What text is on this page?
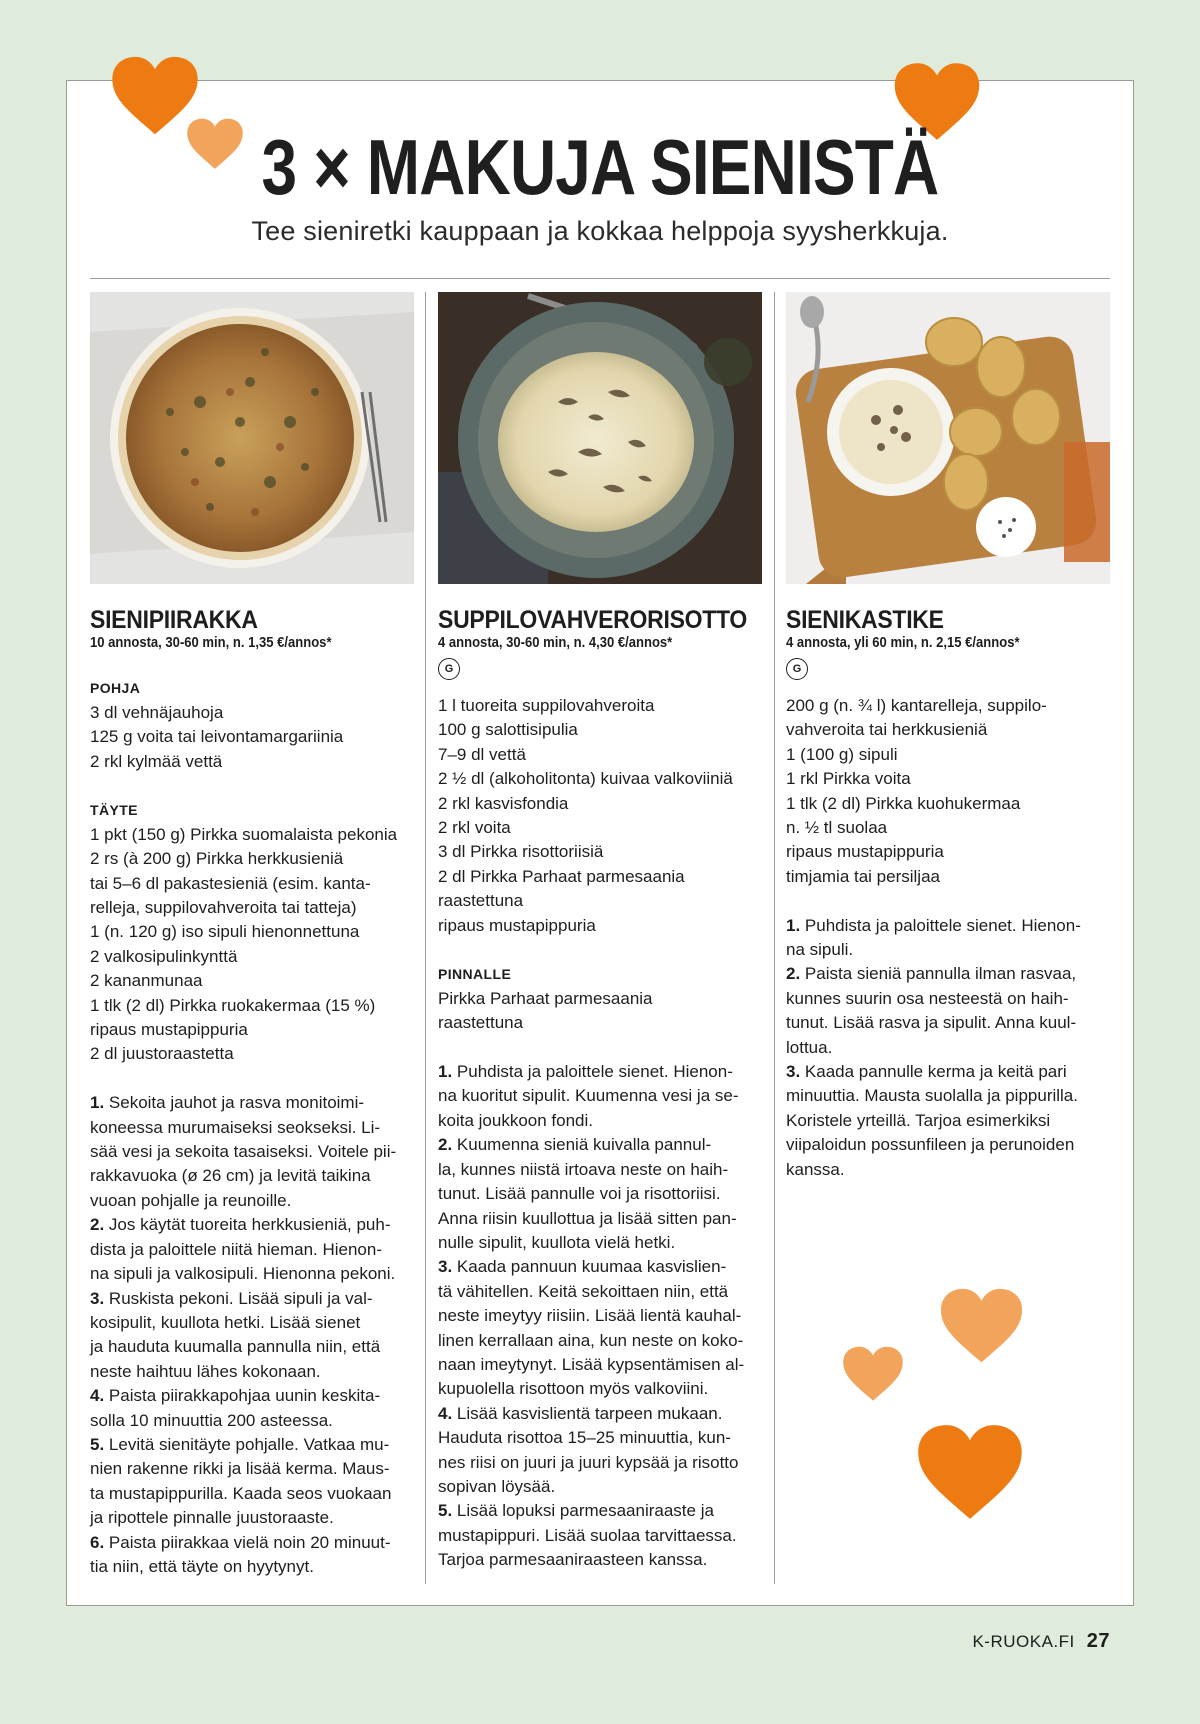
3 × MAKUJA SIENISTÄ

Tee sieniretki kauppaan ja kokkaa helppoja syysherkkuja.

SIENIPIIRAKKA
10 annosta, 30-60 min, n. 1,35 €/annos*

POHJA

3 dl vehnäjauhoja

125 g voita tai leivontamargariinia

2 rkl kylmää vettä

TÄYTE

1 pkt (150 g) Pirkka suomalaista pekonia

2 rs (à 200 g) Pirkka herkkusieniä

tai 5–6 dl pakastesieniä (esim. kanta-

relleja, suppilovahveroita tai tatteja)

1 (n. 120 g) iso sipuli hienonnettuna

2 valkosipulinkynttä

2 kananmunaa

1 tlk (2 dl) Pirkka ruokakermaa (15 %)

ripaus mustapippuria

2 dl juustoraastetta

1. Sekoita jauhot ja rasva monitoimi-

koneessa murumaiseksi seokseksi. Li-

sää vesi ja sekoita tasaiseksi. Voitele pii-

rakkavuoka (ø 26 cm) ja levitä taikina

vuoan pohjalle ja reunoille.

2. Jos käytät tuoreita herkkusieniä, puh-

dista ja paloittele niitä hieman. Hienon-

na sipuli ja valkosipuli. Hienonna pekoni.

3. Ruskista pekoni. Lisää sipuli ja val-

kosipulit, kuullota hetki. Lisää sienet

ja hauduta kuumalla pannulla niin, että

neste haihtuu lähes kokonaan.

4. Paista piirakkapohjaa uunin keskita-

solla 10 minuuttia 200 asteessa.

5. Levitä sienitäyte pohjalle. Vatkaa mu-

nien rakenne rikki ja lisää kerma. Maus-

ta mustapippurilla. Kaada seos vuokaan

ja ripottele pinnalle juustoraaste.

6. Paista piirakkaa vielä noin 20 minuut-

tia niin, että täyte on hyytynyt.

SUPPILOVAHVERORISOTTO
4 annosta, 30-60 min, n. 4,30 €/annos*
G

1 l tuoreita suppilovahveroita

100 g salottisipulia

7–9 dl vettä

2 ½ dl (alkoholitonta) kuivaa valkoviiniä

2 rkl kasvisfondia

2 rkl voita

3 dl Pirkka risottoriisiä

2 dl Pirkka Parhaat parmesaania

raastettuna

ripaus mustapippuria

PINNALLE

Pirkka Parhaat parmesaania

raastettuna

1. Puhdista ja paloittele sienet. Hienon-

na kuoritut sipulit. Kuumenna vesi ja se-

koita joukkoon fondi.

2. Kuumenna sieniä kuivalla pannul-

la, kunnes niistä irtoava neste on haih-

tunut. Lisää pannulle voi ja risottoriisi.

Anna riisin kuullottua ja lisää sitten pan-

nulle sipulit, kuullota vielä hetki.

3. Kaada pannuun kuumaa kasvislien-

tä vähitellen. Keitä sekoittaen niin, että

neste imeytyy riisiin. Lisää lientä kauhal-

linen kerrallaan aina, kun neste on koko-

naan imeytynyt. Lisää kypsentämisen al-

kupuolella risottoon myös valkoviini.

4. Lisää kasvislientä tarpeen mukaan.

Hauduta risottoa 15–25 minuuttia, kun-

nes riisi on juuri ja juuri kypsää ja risotto

sopivan löysää.

5. Lisää lopuksi parmesaaniraaste ja

mustapippuri. Lisää suolaa tarvittaessa.

Tarjoa parmesaaniraasteen kanssa.

SIENIKASTIKE
4 annosta, yli 60 min, n. 2,15 €/annos*
G

200 g (n. ¾ l) kantarelleja, suppilo-

vahveroita tai herkkusieniä

1 (100 g) sipuli

1 rkl Pirkka voita

1 tlk (2 dl) Pirkka kuohukermaa

n. ½ tl suolaa

ripaus mustapippuria

timjamia tai persiljaa

1. Puhdista ja paloittele sienet. Hienon-

na sipuli.

2. Paista sieniä pannulla ilman rasvaa,

kunnes suurin osa nesteestä on haih-

tunut. Lisää rasva ja sipulit. Anna kuul-

lottua.

3. Kaada pannulle kerma ja keitä pari

minuuttia. Mausta suolalla ja pippurilla.

Koristele yrteillä. Tarjoa esimerkiksi

viipaloidun possunfileen ja perunoiden

kanssa.

K-RUOKA.FI 27
